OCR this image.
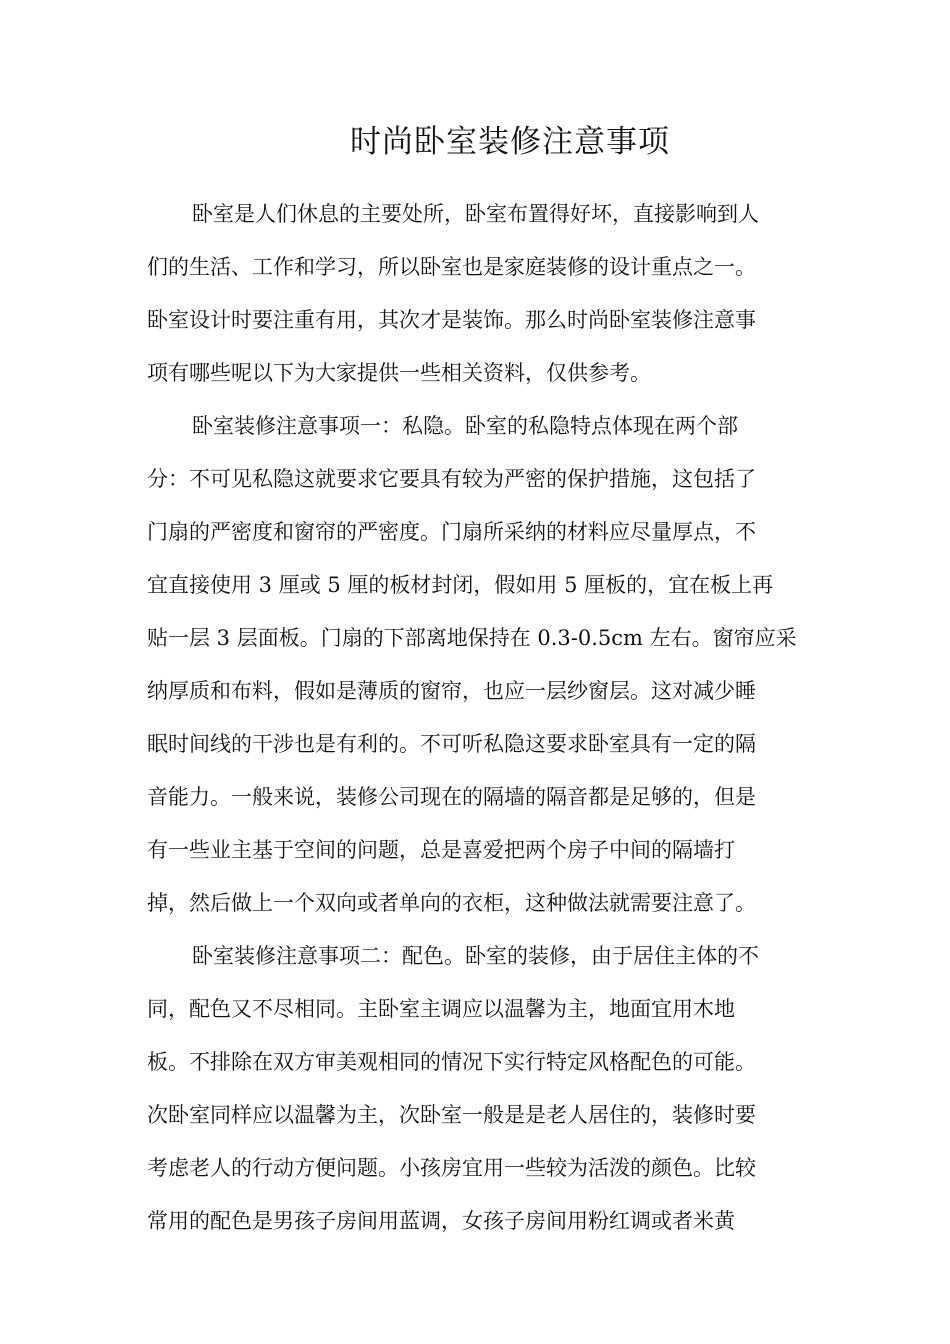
时尚卧室装修注意事项
卧室是人们休息的主要处所，卧室布置得好坏，直接影响到人
们的生活、工作和学习，所以卧室也是家庭装修的设计重点之一。
卧室设计时要注重有用，其次才是装饰。那么时尚卧室装修注意事
项有哪些呢以下为大家提供一些相关资料，仅供参考。
卧室装修注意事项一：私隐。卧室的私隐特点体现在两个部
分：不可见私隐这就要求它要具有较为严密的保护措施，这包括了
门扇的严密度和窗帘的严密度。门扇所采纳的材料应尽量厚点，不
宜直接使用 3 厘或 5 厘的板材封闭，假如用 5 厘板的，宜在板上再
贴一层 3 层面板。门扇的下部离地保持在 0.3-0.5cm 左右。窗帘应采
纳厚质和布料，假如是薄质的窗帘，也应一层纱窗层。这对减少睡
眠时间线的干涉也是有利的。不可听私隐这要求卧室具有一定的隔
音能力。一般来说，装修公司现在的隔墙的隔音都是足够的，但是
有一些业主基于空间的问题，总是喜爱把两个房子中间的隔墙打
掉，然后做上一个双向或者单向的衣柜，这种做法就需要注意了。
卧室装修注意事项二：配色。卧室的装修，由于居住主体的不
同，配色又不尽相同。主卧室主调应以温馨为主，地面宜用木地
板。不排除在双方审美观相同的情况下实行特定风格配色的可能。
次卧室同样应以温馨为主，次卧室一般是是老人居住的，装修时要
考虑老人的行动方便问题。小孩房宜用一些较为活泼的颜色。比较
常用的配色是男孩子房间用蓝调，女孩子房间用粉红调或者米黄
